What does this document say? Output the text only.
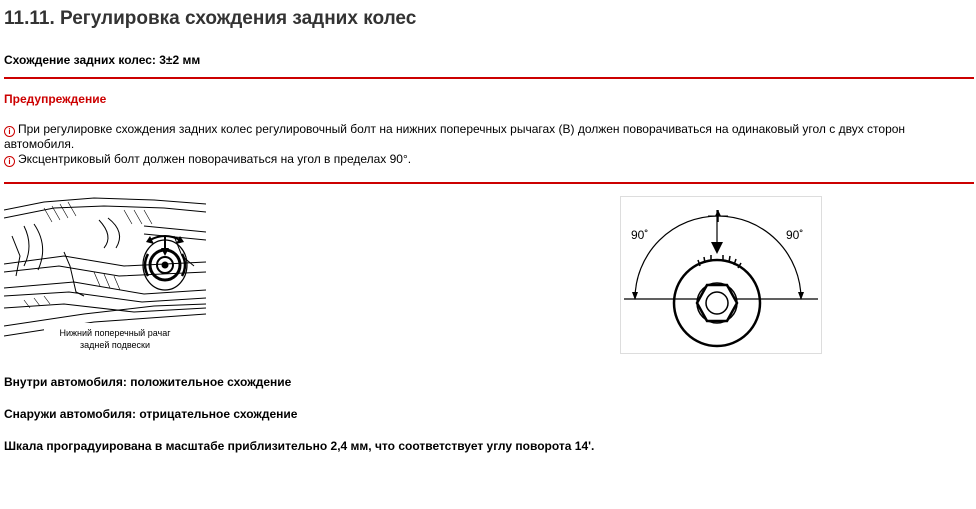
11.11. Регулировка схождения задних колес
Схождение задних колес: 3±2 мм
Предупреждение
i При регулировке схождения задних колес регулировочный болт на нижних поперечных рычагах (B) должен поворачиваться на одинаковый угол с двух сторон автомобиля.
i Эксцентриковый болт должен поворачиваться на угол в пределах 90°.
Нижний поперечный рачаг
задней подвески
90˚	90˚
Внутри автомобиля: положительное схождение
Снаружи автомобиля: отрицательное схождение
Шкала проградуирована в масштабе приблизительно 2,4 мм, что соответствует углу поворота 14'.
